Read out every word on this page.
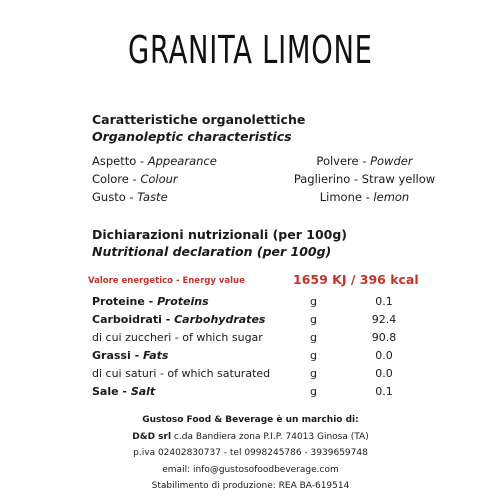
GRANITA LIMONE
Caratteristiche organolettiche
Organoleptic characteristics
Aspetto - Appearance	Polvere - Powder
Colore - Colour	Paglierino - Straw yellow
Gusto - Taste	Limone - lemon
Dichiarazioni nutrizionali (per 100g)
Nutritional declaration (per 100g)
Valore energetico - Energy value	1659 KJ / 396 kcal
Proteine - Proteins	g	0.1
Carboidrati - Carbohydrates	g	92.4
di cui zuccheri - of which sugar	g	90.8
Grassi - Fats	g	0.0
di cui saturi - of which saturated	g	0.0
Sale - Salt	g	0.1
Gustoso Food & Beverage è un marchio di:
D&D srl c.da Bandiera zona P.I.P. 74013 Ginosa (TA)
p.iva 02402830737 - tel 0998245786 - 3939659748
email: info@gustosofoodbeverage.com
Stabilimento di produzione: REA BA-619514
